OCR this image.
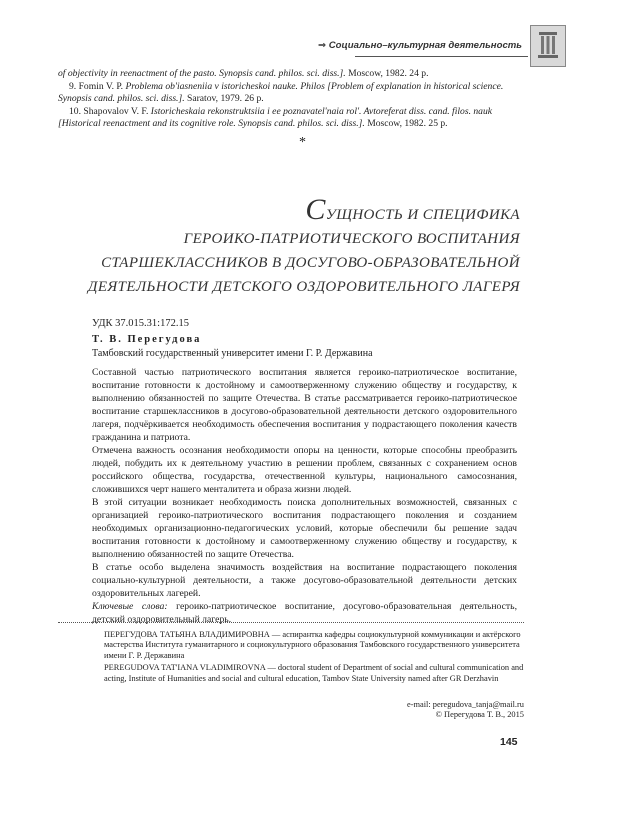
⇒ Социально–культурная деятельность

of objectivity in reenactment of the pasto. Synopsis cand. philos. sci. diss.]. Moscow, 1982. 24 p.

9. Fomin V. P. Problema ob'iasneniia v istoricheskoi nauke. Philos [Problem of explanation in historical science. Synopsis cand. philos. sci. diss.]. Saratov, 1979. 26 p.

10. Shapovalov V. F. Istoricheskaia rekonstruktsiia i ee poznavatel'naia rol'. Avtoreferat diss. cand. filos. nauk [Historical reenactment and its cognitive role. Synopsis cand. philos. sci. diss.]. Moscow, 1982. 25 p.

*
СУЩНОСТЬ И СПЕЦИФИКА
ГЕРОИКО-ПАТРИОТИЧЕСКОГО ВОСПИТАНИЯ
СТАРШЕКЛАССНИКОВ В ДОСУГОВО-ОБРАЗОВАТЕЛЬНОЙ
ДЕЯТЕЛЬНОСТИ ДЕТСКОГО ОЗДОРОВИТЕЛЬНОГО ЛАГЕРЯ
УДК 37.015.31:172.15
Т. В. Перегудова
Тамбовский государственный университет имени Г. Р. Державина

Составной частью патриотического воспитания является героико-патриотическое воспитание, воспитание готовности к достойному и самоотверженному служению обществу и государству, к выполнению обязанностей по защите Отечества. В статье рассматривается героико-патриотическое воспитание старшеклассников в досугово-образовательной деятельности детского оздоровительного лагеря, подчёркивается необходимость обеспечения воспитания у подрастающего поколения качеств гражданина и патриота.

Отмечена важность осознания необходимости опоры на ценности, которые способны преобразить людей, побудить их к деятельному участию в решении проблем, связанных с сохранением основ российского общества, государства, отечественной культуры, национального самосознания, сложившихся черт нашего менталитета и образа жизни людей.

В этой ситуации возникает необходимость поиска дополнительных возможностей, связанных с организацией героико-патриотического воспитания подрастающего поколения и созданием необходимых организационно-педагогических условий, которые обеспечили бы решение задач воспитания готовности к достойному и самоотверженному служению обществу и государству, к выполнению обязанностей по защите Отечества.

В статье особо выделена значимость воздействия на воспитание подрастающего поколения социально-культурной деятельности, а также досугово-образовательной деятельности детских оздоровительных лагерей.

Ключевые слова: героико-патриотическое воспитание, досугово-образовательная деятельность, детский оздоровительный лагерь.

ПЕРЕГУДОВА ТАТЬЯНА ВЛАДИМИРОВНА — аспирантка кафедры социокультурной коммуникации и актёрского мастерства Института гуманитарного и социокультурного образования Тамбовского государственного университета имени Г. Р. Державина

PEREGUDOVA TAT'IANA VLADIMIROVNA — doctoral student of Department of social and cultural communication and acting, Institute of Humanities and social and cultural education, Tambov State University named after GR Derzhavin

e-mail: peregudova_tanja@mail.ru

© Перегудова Т. В., 2015

145
